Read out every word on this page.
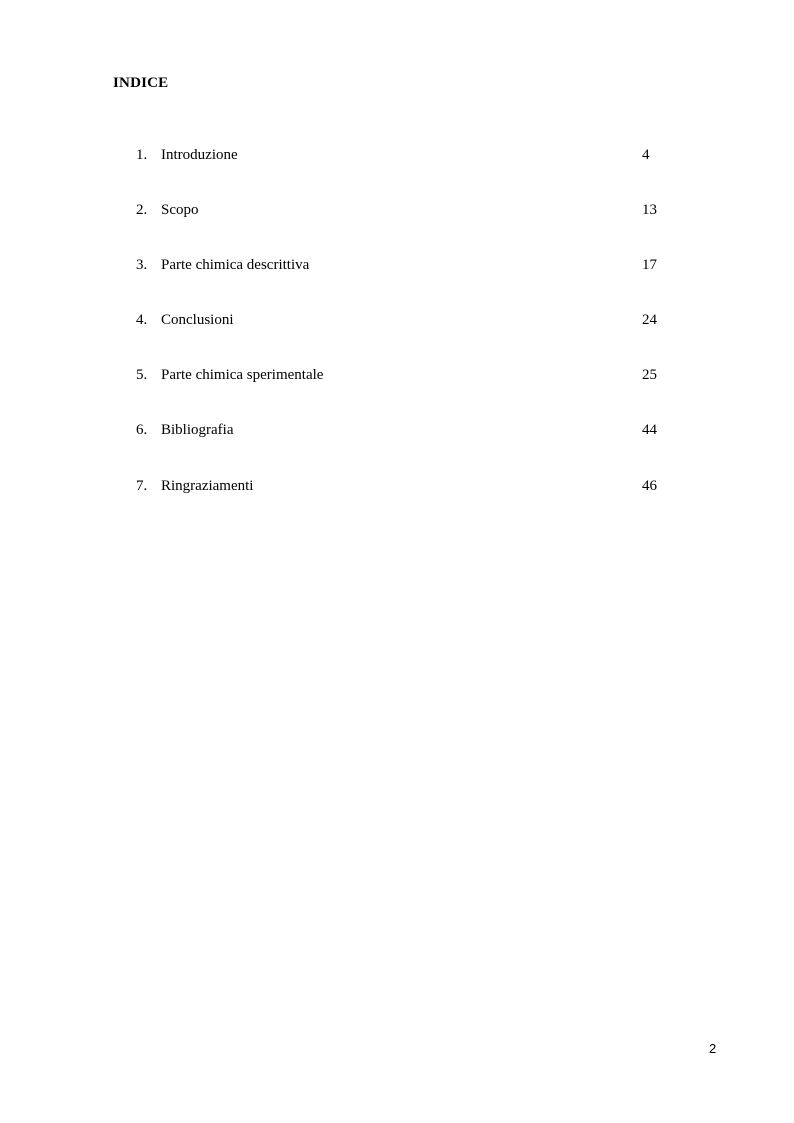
INDICE
1. Introduzione	4
2. Scopo	13
3. Parte chimica descrittiva	17
4. Conclusioni	24
5. Parte chimica sperimentale	25
6. Bibliografia	44
7. Ringraziamenti	46
2
